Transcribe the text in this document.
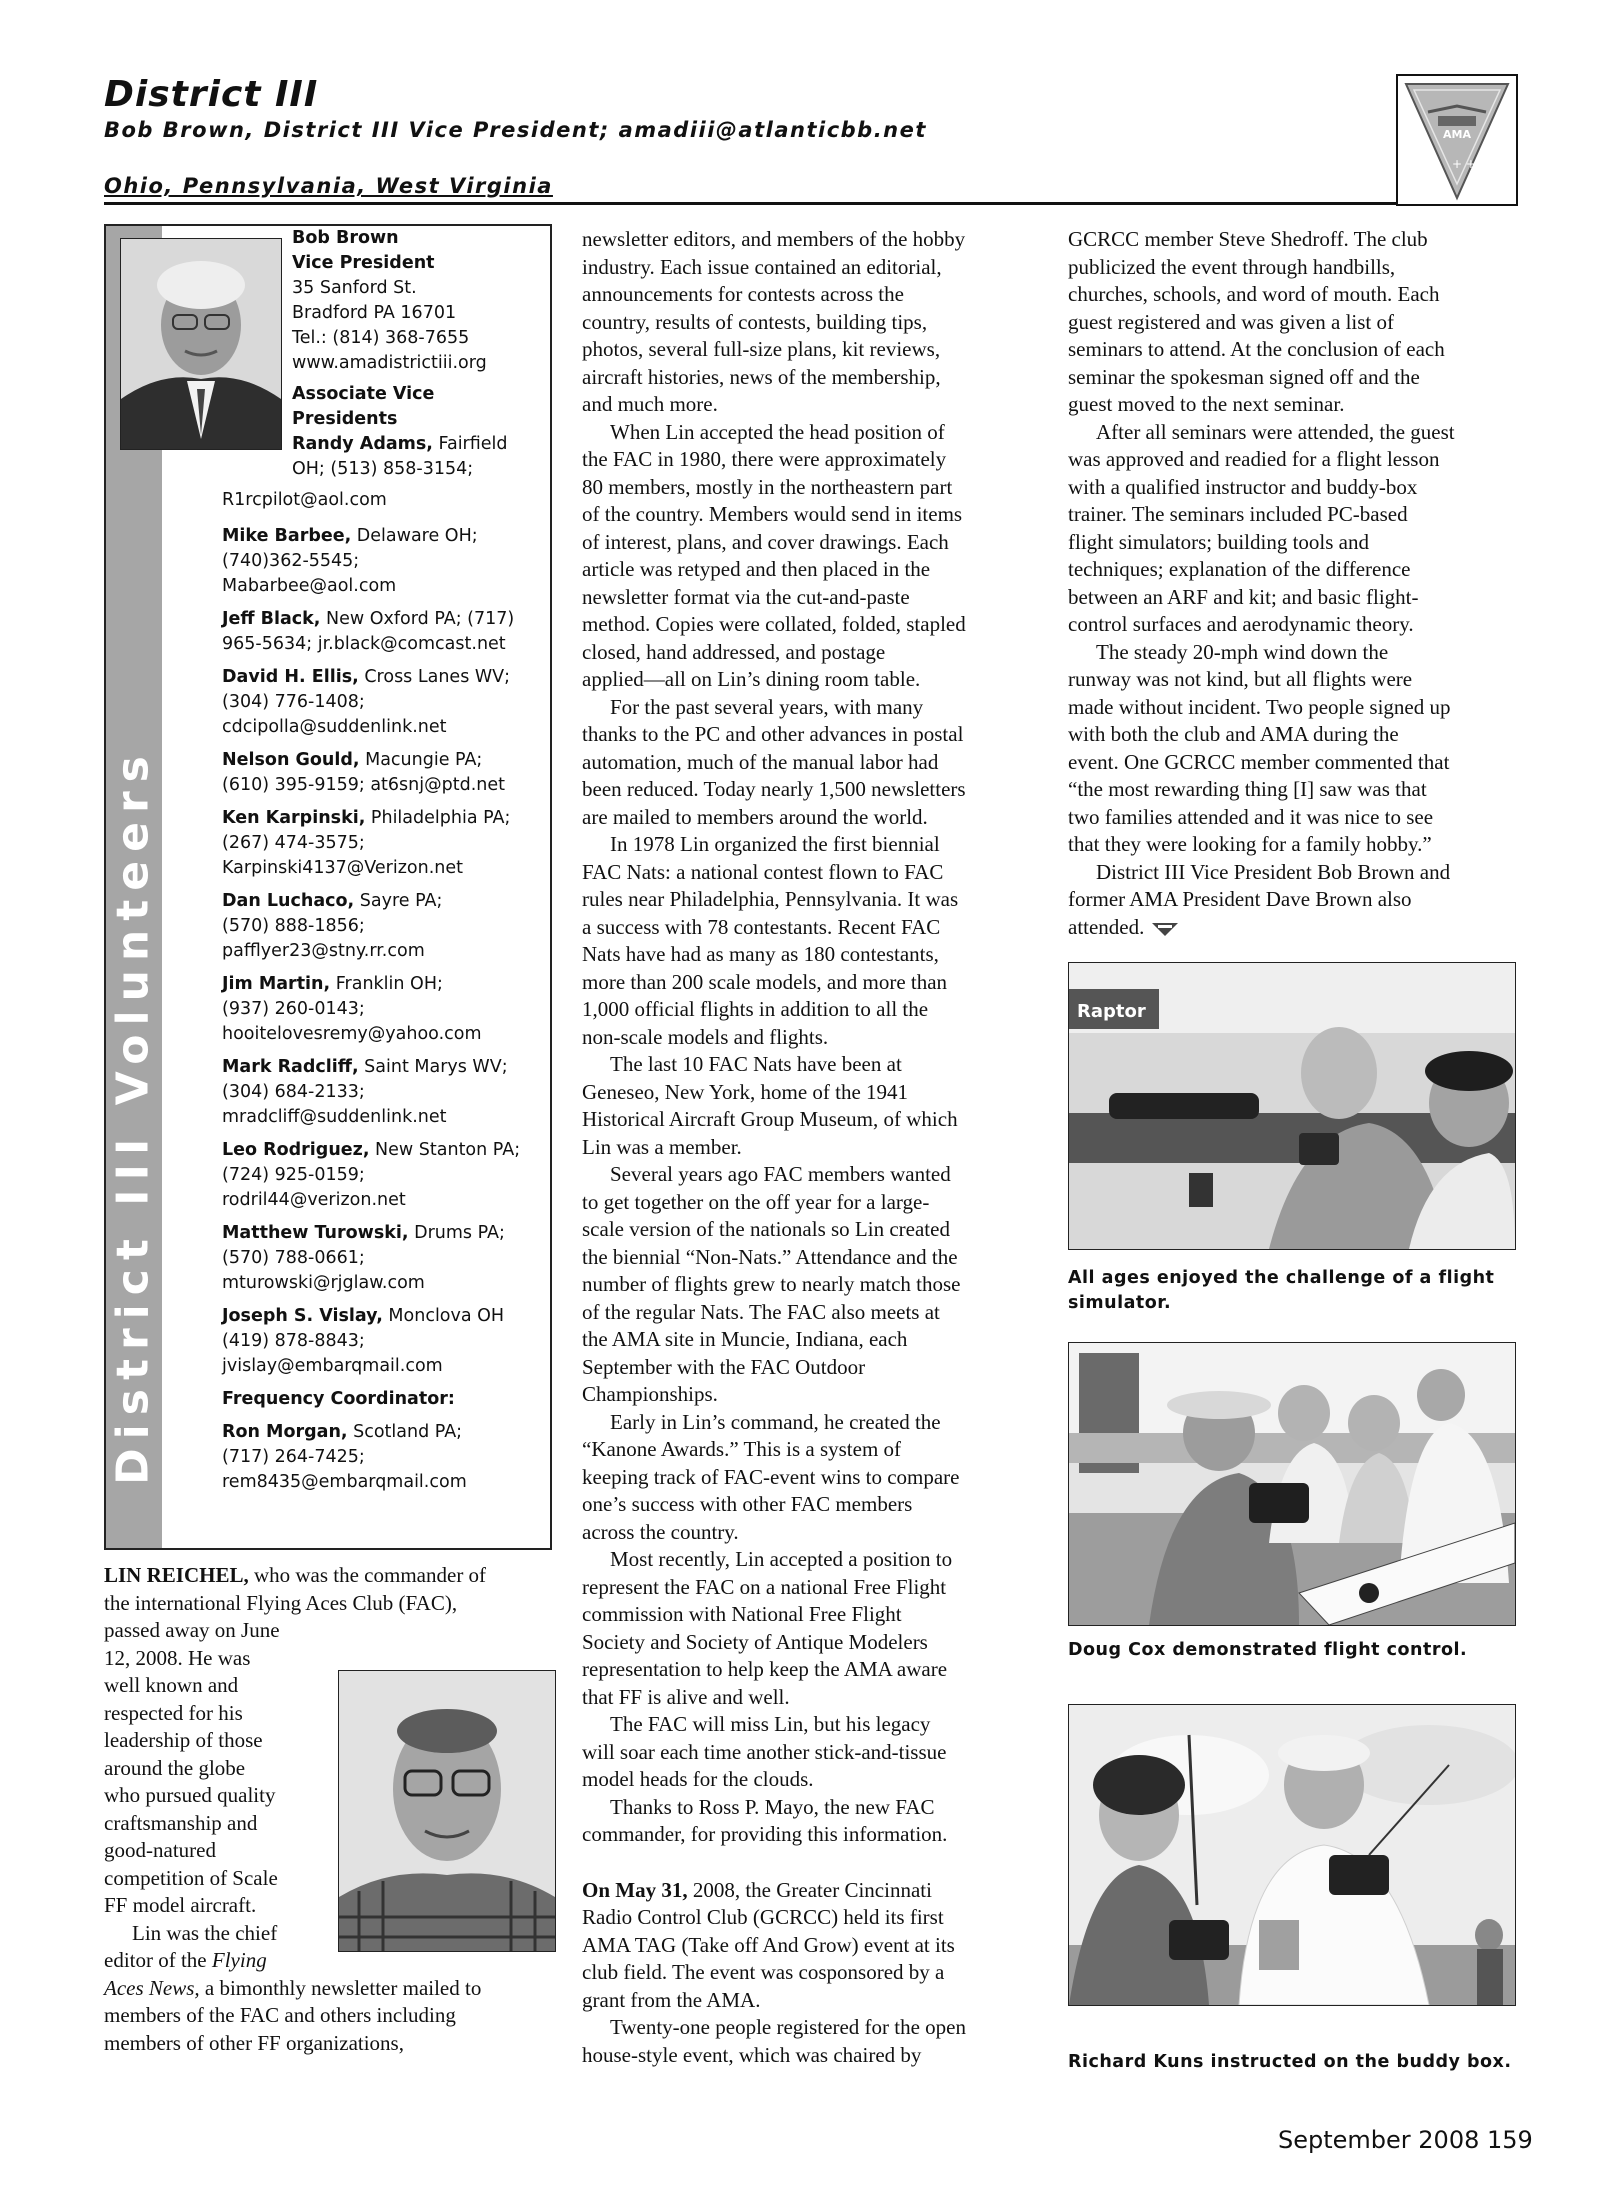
District III
Bob Brown, District III Vice President; amadiii@atlanticbb.net
Ohio, Pennsylvania, West Virginia
AMA
+ +
District III Volunteers
Bob Brown
Vice President
35 Sanford St.
Bradford PA 16701
Tel.: (814) 368-7655
www.amadistrictiii.org
Associate Vice
Presidents
Randy Adams, Fairfield
OH; (513) 858-3154;
R1rcpilot@aol.com
Mike Barbee, Delaware OH;
(740)362-5545;
Mabarbee@aol.com
Jeff Black, New Oxford PA; (717)
965-5634; jr.black@comcast.net
David H. Ellis, Cross Lanes WV;
(304) 776-1408;
cdcipolla@suddenlink.net
Nelson Gould, Macungie PA;
(610) 395-9159; at6snj@ptd.net
Ken Karpinski, Philadelphia PA;
(267) 474-3575;
Karpinski4137@Verizon.net
Dan Luchaco, Sayre PA;
(570) 888-1856;
pafflyer23@stny.rr.com
Jim Martin, Franklin OH;
(937) 260-0143;
hooitelovesremy@yahoo.com
Mark Radcliff, Saint Marys WV;
(304) 684-2133;
mradcliff@suddenlink.net
Leo Rodriguez, New Stanton PA;
(724) 925-0159;
rodril44@verizon.net
Matthew Turowski, Drums PA;
(570) 788-0661;
mturowski@rjglaw.com
Joseph S. Vislay, Monclova OH
(419) 878-8843;
jvislay@embarqmail.com
Frequency Coordinator:
Ron Morgan, Scotland PA;
(717) 264-7425;
rem8435@embarqmail.com
LIN REICHEL, who was the commander of
the international Flying Aces Club (FAC),
passed away on June
12, 2008. He was
well known and
respected for his
leadership of those
around the globe
who pursued quality
craftsmanship and
good-natured
competition of Scale
FF model aircraft.
Lin was the chief
editor of the Flying
Aces News, a bimonthly newsletter mailed to
members of the FAC and others including
members of other FF organizations,
newsletter editors, and members of the hobby
industry. Each issue contained an editorial,
announcements for contests across the
country, results of contests, building tips,
photos, several full-size plans, kit reviews,
aircraft histories, news of the membership,
and much more.
When Lin accepted the head position of
the FAC in 1980, there were approximately
80 members, mostly in the northeastern part
of the country. Members would send in items
of interest, plans, and cover drawings. Each
article was retyped and then placed in the
newsletter format via the cut-and-paste
method. Copies were collated, folded, stapled
closed, hand addressed, and postage
applied—all on Lin’s dining room table.
For the past several years, with many
thanks to the PC and other advances in postal
automation, much of the manual labor had
been reduced. Today nearly 1,500 newsletters
are mailed to members around the world.
In 1978 Lin organized the first biennial
FAC Nats: a national contest flown to FAC
rules near Philadelphia, Pennsylvania. It was
a success with 78 contestants. Recent FAC
Nats have had as many as 180 contestants,
more than 200 scale models, and more than
1,000 official flights in addition to all the
non-scale models and flights.
The last 10 FAC Nats have been at
Geneseo, New York, home of the 1941
Historical Aircraft Group Museum, of which
Lin was a member.
Several years ago FAC members wanted
to get together on the off year for a large-
scale version of the nationals so Lin created
the biennial “Non-Nats.” Attendance and the
number of flights grew to nearly match those
of the regular Nats. The FAC also meets at
the AMA site in Muncie, Indiana, each
September with the FAC Outdoor
Championships.
Early in Lin’s command, he created the
“Kanone Awards.” This is a system of
keeping track of FAC-event wins to compare
one’s success with other FAC members
across the country.
Most recently, Lin accepted a position to
represent the FAC on a national Free Flight
commission with National Free Flight
Society and Society of Antique Modelers
representation to help keep the AMA aware
that FF is alive and well.
The FAC will miss Lin, but his legacy
will soar each time another stick-and-tissue
model heads for the clouds.
Thanks to Ross P. Mayo, the new FAC
commander, for providing this information.
On May 31, 2008, the Greater Cincinnati
Radio Control Club (GCRCC) held its first
AMA TAG (Take off And Grow) event at its
club field. The event was cosponsored by a
grant from the AMA.
Twenty-one people registered for the open
house-style event, which was chaired by
GCRCC member Steve Shedroff. The club
publicized the event through handbills,
churches, schools, and word of mouth. Each
guest registered and was given a list of
seminars to attend. At the conclusion of each
seminar the spokesman signed off and the
guest moved to the next seminar.
After all seminars were attended, the guest
was approved and readied for a flight lesson
with a qualified instructor and buddy-box
trainer. The seminars included PC-based
flight simulators; building tools and
techniques; explanation of the difference
between an ARF and kit; and basic flight-
control surfaces and aerodynamic theory.
The steady 20-mph wind down the
runway was not kind, but all flights were
made without incident. Two people signed up
with both the club and AMA during the
event. One GCRCC member commented that
“the most rewarding thing [I] saw was that
two families attended and it was nice to see
that they were looking for a family hobby.”
District III Vice President Bob Brown and
former AMA President Dave Brown also
attended.
Raptor
All ages enjoyed the challenge of a flight
simulator.
Doug Cox demonstrated flight control.
Richard Kuns instructed on the buddy box.
September 2008 159
